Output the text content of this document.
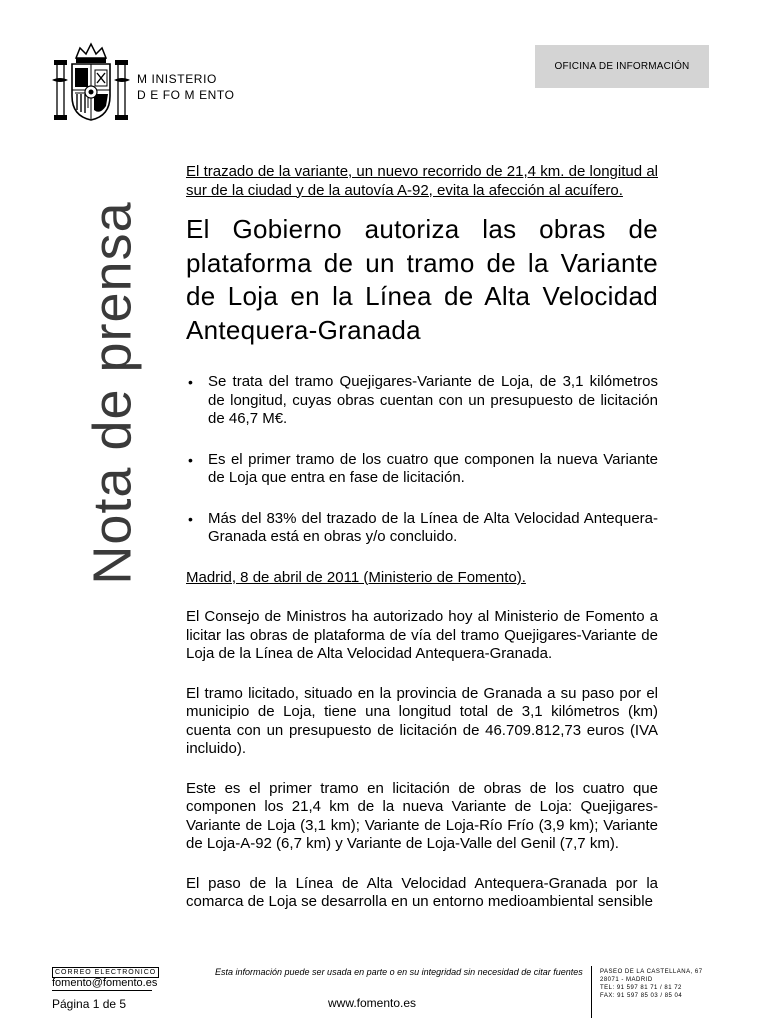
M INISTERIO
D E FO M ENTO
OFICINA DE INFORMACIÓN
Nota de prensa

El trazado de la variante, un nuevo recorrido de 21,4 km. de longitud al sur de la ciudad y de la autovía A-92, evita la afección al acuífero.

El Gobierno autoriza las obras de plataforma de un tramo de la Variante de Loja en la Línea de Alta Velocidad Antequera-Granada
• Se trata del tramo Quejigares-Variante de Loja, de 3,1 kilómetros de longitud, cuyas obras cuentan con un presupuesto de licitación de 46,7 M€.
• Es el primer tramo de los cuatro que componen la nueva Variante de Loja que entra en fase de licitación.
• Más del 83% del trazado de la Línea de Alta Velocidad Antequera-Granada está en obras y/o concluido.

Madrid, 8 de abril de 2011 (Ministerio de Fomento).

El Consejo de Ministros ha autorizado hoy al Ministerio de Fomento a licitar las obras de plataforma de vía del tramo Quejigares-Variante de Loja de la Línea de Alta Velocidad Antequera-Granada.

El tramo licitado, situado en la provincia de Granada a su paso por el municipio de Loja, tiene una longitud total de 3,1 kilómetros (km) cuenta con un presupuesto de licitación de 46.709.812,73 euros (IVA incluido).

Este es el primer tramo en licitación de obras de los cuatro que componen los 21,4 km de la nueva Variante de Loja: Quejigares-Variante de Loja (3,1 km); Variante de Loja-Río Frío (3,9 km); Variante de Loja-A-92 (6,7 km) y Variante de Loja-Valle del Genil (7,7 km).

El paso de la Línea de Alta Velocidad Antequera-Granada por la comarca de Loja se desarrolla en un entorno medioambiental sensible

CORREO ELECTRÓNICO
fomento@fomento.es
Página 1 de 5
Esta información puede ser usada en parte o en su integridad sin necesidad de citar fuentes
www.fomento.es
PASEO DE LA CASTELLANA, 67
28071 - MADRID
TEL: 91 597 81 71 / 81 72
FAX: 91 597 85 03 / 85 04
